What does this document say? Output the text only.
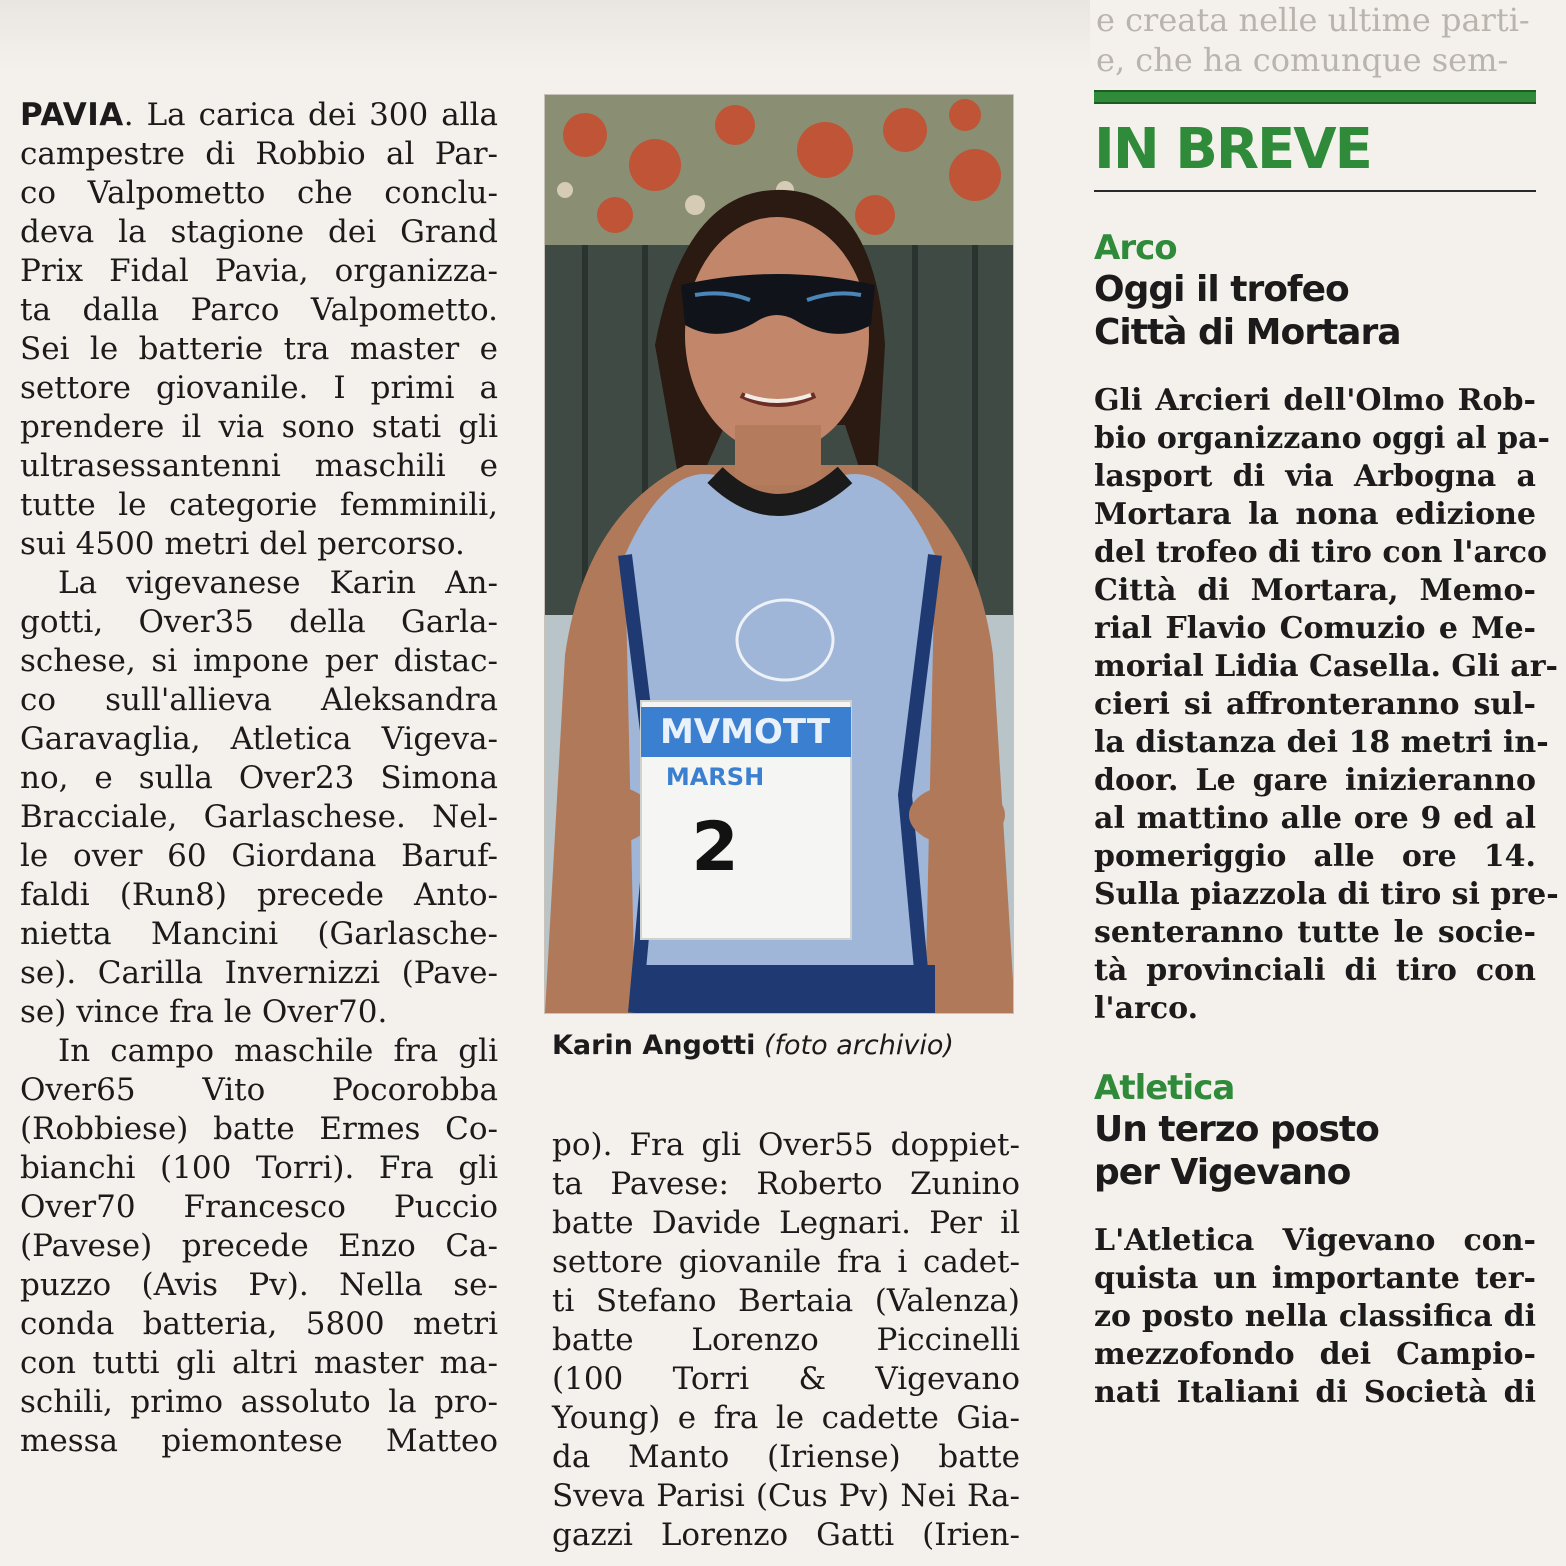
e creata nelle ultime parti-
e, che ha comunque sem-
PAVIA. La carica dei 300 alla
campestre di Robbio al Par-
co Valpometto che conclu-
deva la stagione dei Grand
Prix Fidal Pavia, organizza-
ta dalla Parco Valpometto.
Sei le batterie tra master e
settore giovanile. I primi a
prendere il via sono stati gli
ultrasessantenni maschili e
tutte le categorie femminili,
sui 4500 metri del percorso.
La vigevanese Karin An-
gotti, Over35 della Garla-
schese, si impone per distac-
co sull'allieva Aleksandra
Garavaglia, Atletica Vigeva-
no, e sulla Over23 Simona
Bracciale, Garlaschese. Nel-
le over 60 Giordana Baruf-
faldi (Run8) precede Anto-
nietta Mancini (Garlasche-
se). Carilla Invernizzi (Pave-
se) vince fra le Over70.
In campo maschile fra gli
Over65 Vito Pocorobba
(Robbiese) batte Ermes Co-
bianchi (100 Torri). Fra gli
Over70 Francesco Puccio
(Pavese) precede Enzo Ca-
puzzo (Avis Pv). Nella se-
conda batteria, 5800 metri
con tutti gli altri master ma-
schili, primo assoluto la pro-
messa piemontese Matteo
MVMOTT
MARSH
2
Karin Angotti (foto archivio)
po). Fra gli Over55 doppiet-
ta Pavese: Roberto Zunino
batte Davide Legnari. Per il
settore giovanile fra i cadet-
ti Stefano Bertaia (Valenza)
batte Lorenzo Piccinelli
(100 Torri & Vigevano
Young) e fra le cadette Gia-
da Manto (Iriense) batte
Sveva Parisi (Cus Pv) Nei Ra-
gazzi Lorenzo Gatti (Irien-
IN BREVE
Arco
Oggi il trofeo
Città di Mortara
Gli Arcieri dell'Olmo Rob-
bio organizzano oggi al pa-
lasport di via Arbogna a
Mortara la nona edizione
del trofeo di tiro con l'arco
Città di Mortara, Memo-
rial Flavio Comuzio e Me-
morial Lidia Casella. Gli ar-
cieri si affronteranno sul-
la distanza dei 18 metri in-
door. Le gare inizieranno
al mattino alle ore 9 ed al
pomeriggio alle ore 14.
Sulla piazzola di tiro si pre-
senteranno tutte le socie-
tà provinciali di tiro con
l'arco.
Atletica
Un terzo posto
per Vigevano
L'Atletica Vigevano con-
quista un importante ter-
zo posto nella classifica di
mezzofondo dei Campio-
nati Italiani di Società di
